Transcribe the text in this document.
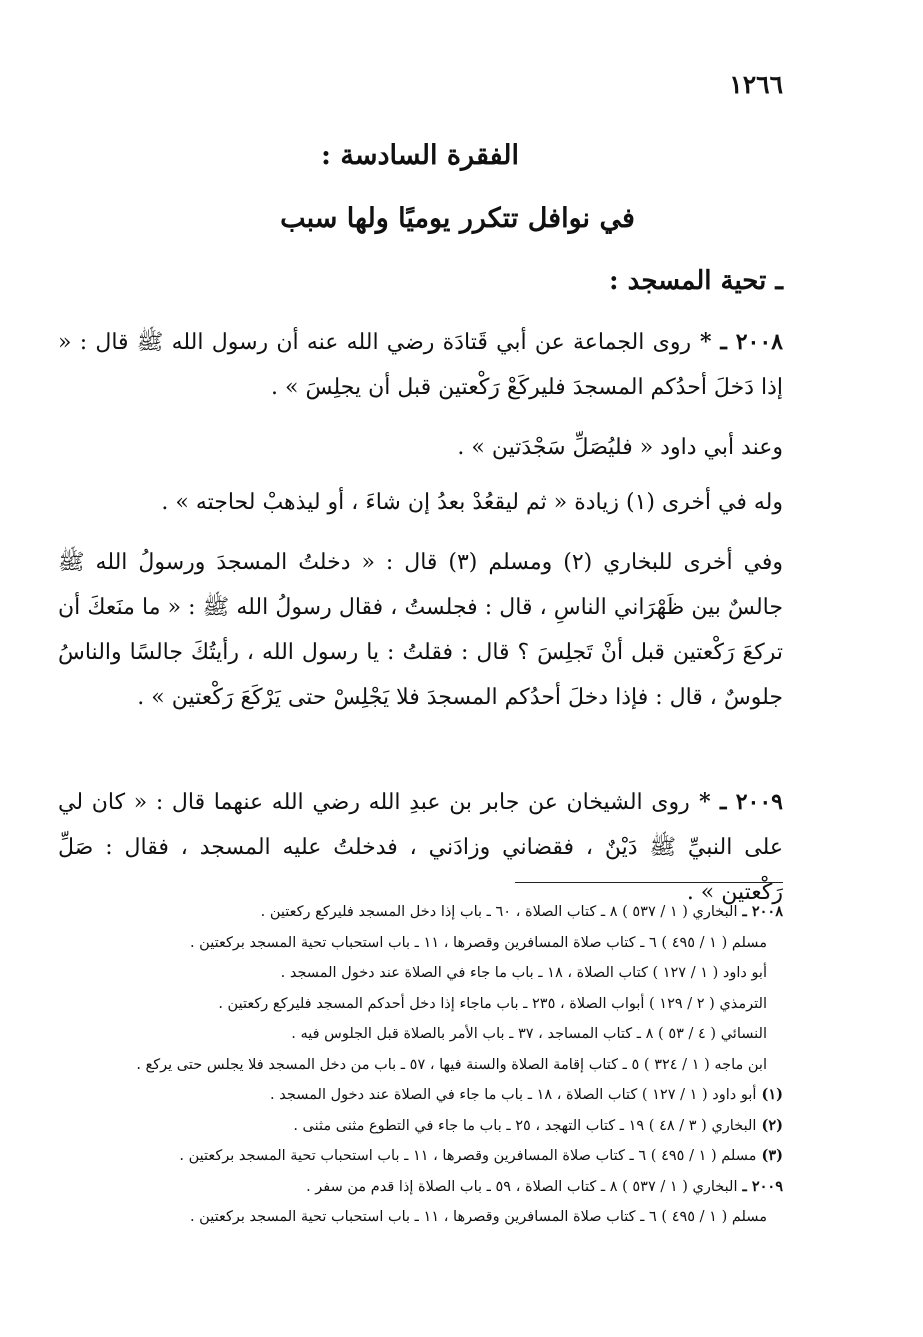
١٢٦٦
الفقرة السادسة :
في نوافل تتكرر يوميًا ولها سبب
ـ تحية المسجد :
٢٠٠٨ ـ * روى الجماعة عن أبي قَتادَة رضي الله عنه أن رسول الله ﷺ قال : « إذا دَخلَ أحدُكم المسجدَ فليركَعْ رَكْعتين قبل أن يجلِسَ » .
وعند أبي داود « فليُصَلِّ سَجْدَتين » .
وله في أخرى (١) زيادة « ثم ليقعُدْ بعدُ إن شاءَ ، أو ليذهبْ لحاجته » .
وفي أخرى للبخاري (٢) ومسلم (٣) قال : « دخلتُ المسجدَ ورسولُ الله ﷺ جالسٌ بين ظَهْرَاني الناسِ ، قال : فجلستُ ، فقال رسولُ الله ﷺ : « ما منَعكَ أن تركعَ رَكْعتين قبل أنْ تَجلِسَ ؟ قال : فقلتُ : يا رسول الله ، رأيتُكَ جالسًا والناسُ جلوسٌ ، قال : فإذا دخلَ أحدُكم المسجدَ فلا يَجْلِسْ حتى يَرْكَعَ رَكْعتين » .
٢٠٠٩ ـ * روى الشيخان عن جابر بن عبدِ الله رضي الله عنهما قال : « كان لي على النبيِّ ﷺ دَيْنٌ ، فقضاني وزادَني ، فدخلتُ عليه المسجد ، فقال : صَلِّ رَكْعتين » .
٢٠٠٨ ـ البخاري ( ١ / ٥٣٧ ) ٨ ـ كتاب الصلاة ، ٦٠ ـ باب إذا دخل المسجد فليركع ركعتين .
مسلم ( ١ / ٤٩٥ ) ٦ ـ كتاب صلاة المسافرين وقصرها ، ١١ ـ باب استحباب تحية المسجد بركعتين .
أبو داود ( ١ / ١٢٧ ) كتاب الصلاة ، ١٨ ـ باب ما جاء في الصلاة عند دخول المسجد .
الترمذي ( ٢ / ١٢٩ ) أبواب الصلاة ، ٢٣٥ ـ باب ماجاء إذا دخل أحدكم المسجد فليركع ركعتين .
النسائي ( ٤ / ٥٣ ) ٨ ـ كتاب المساجد ، ٣٧ ـ باب الأمر بالصلاة قبل الجلوس فيه .
ابن ماجه ( ١ / ٣٢٤ ) ٥ ـ كتاب إقامة الصلاة والسنة فيها ، ٥٧ ـ باب من دخل المسجد فلا يجلس حتى يركع .
(١) أبو داود ( ١ / ١٢٧ ) كتاب الصلاة ، ١٨ ـ باب ما جاء في الصلاة عند دخول المسجد .
(٢) البخاري ( ٣ / ٤٨ ) ١٩ ـ كتاب التهجد ، ٢٥ ـ باب ما جاء في التطوع مثنى مثنى .
(٣) مسلم ( ١ / ٤٩٥ ) ٦ ـ كتاب صلاة المسافرين وقصرها ، ١١ ـ باب استحباب تحية المسجد بركعتين .
٢٠٠٩ ـ البخاري ( ١ / ٥٣٧ ) ٨ ـ كتاب الصلاة ، ٥٩ ـ باب الصلاة إذا قدم من سفر .
مسلم ( ١ / ٤٩٥ ) ٦ ـ كتاب صلاة المسافرين وقصرها ، ١١ ـ باب استحباب تحية المسجد بركعتين .
